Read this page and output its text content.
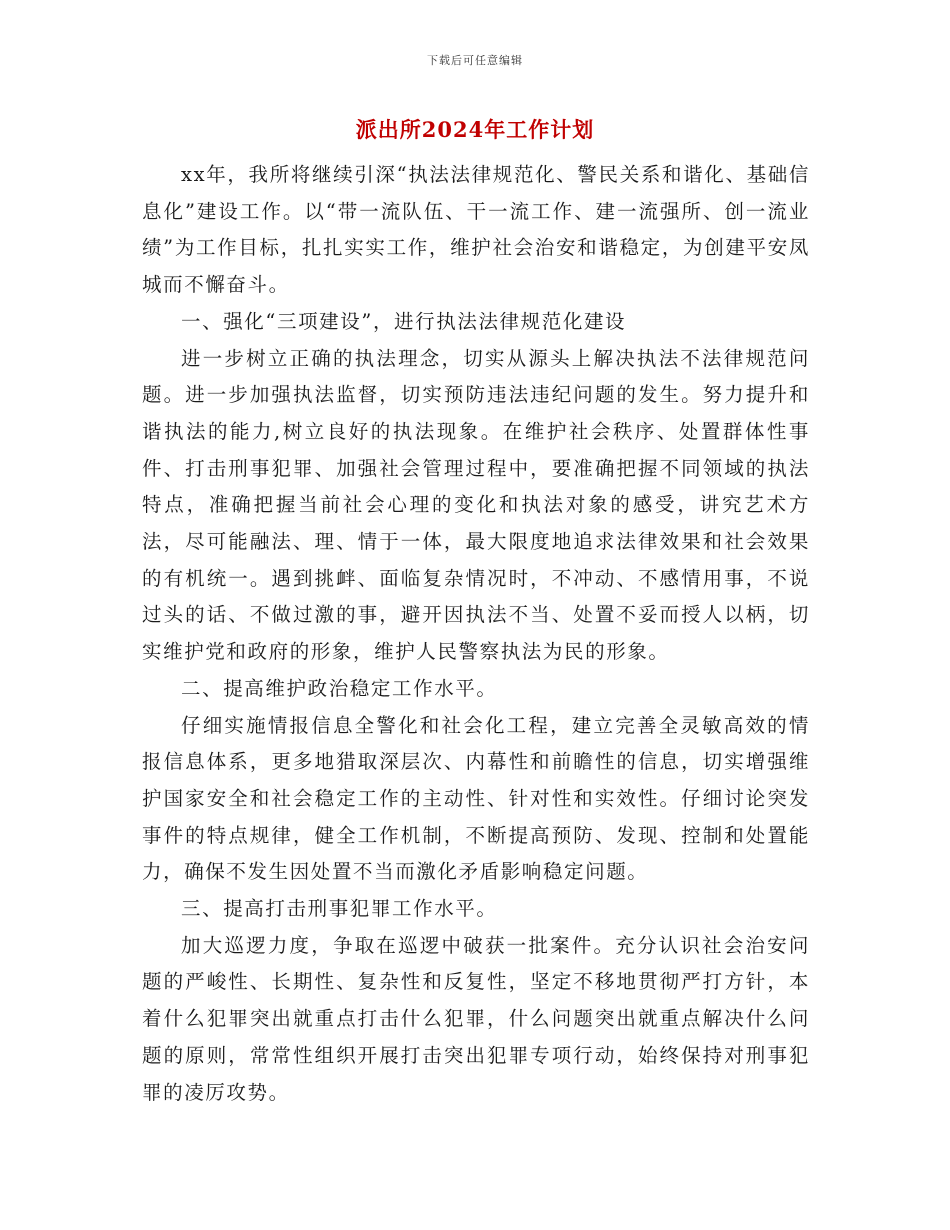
下载后可任意编辑
派出所2024年工作计划

xx年，我所将继续引深“执法法律规范化、警民关系和谐化、基础信息化”建设工作。以“带一流队伍、干一流工作、建一流强所、创一流业绩”为工作目标，扎扎实实工作，维护社会治安和谐稳定，为创建平安凤城而不懈奋斗。

一、强化“三项建设”，进行执法法律规范化建设

进一步树立正确的执法理念，切实从源头上解决执法不法律规范问题。进一步加强执法监督，切实预防违法违纪问题的发生。努力提升和谐执法的能力,树立良好的执法现象。在维护社会秩序、处置群体性事件、打击刑事犯罪、加强社会管理过程中，要准确把握不同领域的执法特点，准确把握当前社会心理的变化和执法对象的感受，讲究艺术方法，尽可能融法、理、情于一体，最大限度地追求法律效果和社会效果的有机统一。遇到挑衅、面临复杂情况时，不冲动、不感情用事，不说过头的话、不做过激的事，避开因执法不当、处置不妥而授人以柄，切实维护党和政府的形象，维护人民警察执法为民的形象。

二、提高维护政治稳定工作水平。

仔细实施情报信息全警化和社会化工程，建立完善全灵敏高效的情报信息体系，更多地猎取深层次、内幕性和前瞻性的信息，切实增强维护国家安全和社会稳定工作的主动性、针对性和实效性。仔细讨论突发事件的特点规律，健全工作机制，不断提高预防、发现、控制和处置能力，确保不发生因处置不当而激化矛盾影响稳定问题。

三、提高打击刑事犯罪工作水平。

加大巡逻力度，争取在巡逻中破获一批案件。充分认识社会治安问题的严峻性、长期性、复杂性和反复性，坚定不移地贯彻严打方针，本着什么犯罪突出就重点打击什么犯罪，什么问题突出就重点解决什么问题的原则，常常性组织开展打击突出犯罪专项行动，始终保持对刑事犯罪的凌厉攻势。
